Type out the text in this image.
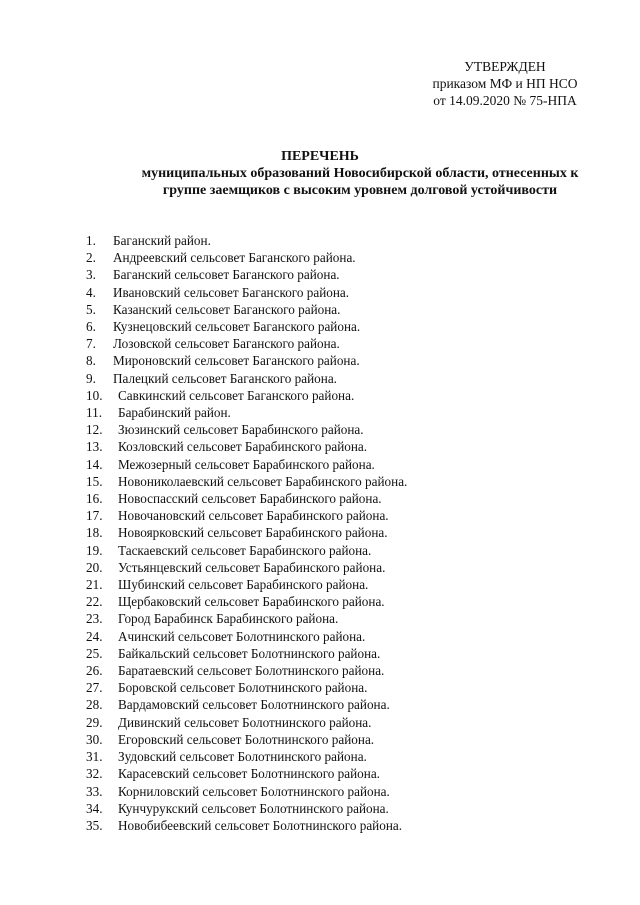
УТВЕРЖДЕН
приказом МФ и НП НСО
от 14.09.2020 № 75-НПА
ПЕРЕЧЕНЬ
муниципальных образований Новосибирской области, отнесенных к
группе заемщиков с высоким уровнем долговой устойчивости
1.	Баганский район.
2.	Андреевский сельсовет Баганского района.
3.	Баганский сельсовет Баганского района.
4.	Ивановский сельсовет Баганского района.
5.	Казанский сельсовет Баганского района.
6.	Кузнецовский сельсовет Баганского района.
7.	Лозовской сельсовет Баганского района.
8.	Мироновский сельсовет Баганского района.
9.	Палецкий сельсовет Баганского района.
10.	Савкинский сельсовет Баганского района.
11.	Барабинский район.
12.	Зюзинский сельсовет Барабинского района.
13.	Козловский сельсовет Барабинского района.
14.	Межозерный сельсовет Барабинского района.
15.	Новониколаевский сельсовет Барабинского района.
16.	Новоспасский сельсовет Барабинского района.
17.	Новочановский сельсовет Барабинского района.
18.	Новоярковский сельсовет Барабинского района.
19.	Таскаевский сельсовет Барабинского района.
20.	Устьянцевский сельсовет Барабинского района.
21.	Шубинский сельсовет Барабинского района.
22.	Щербаковский сельсовет Барабинского района.
23.	Город Барабинск Барабинского района.
24.	Ачинский сельсовет Болотнинского района.
25.	Байкальский сельсовет Болотнинского района.
26.	Баратаевский сельсовет Болотнинского района.
27.	Боровской сельсовет Болотнинского района.
28.	Вардамовский сельсовет Болотнинского района.
29.	Дивинский сельсовет Болотнинского района.
30.	Егоровский сельсовет Болотнинского района.
31.	Зудовский сельсовет Болотнинского района.
32.	Карасевский сельсовет Болотнинского района.
33.	Корниловский сельсовет Болотнинского района.
34.	Кунчурукский сельсовет Болотнинского района.
35.	Новобибеевский сельсовет Болотнинского района.
